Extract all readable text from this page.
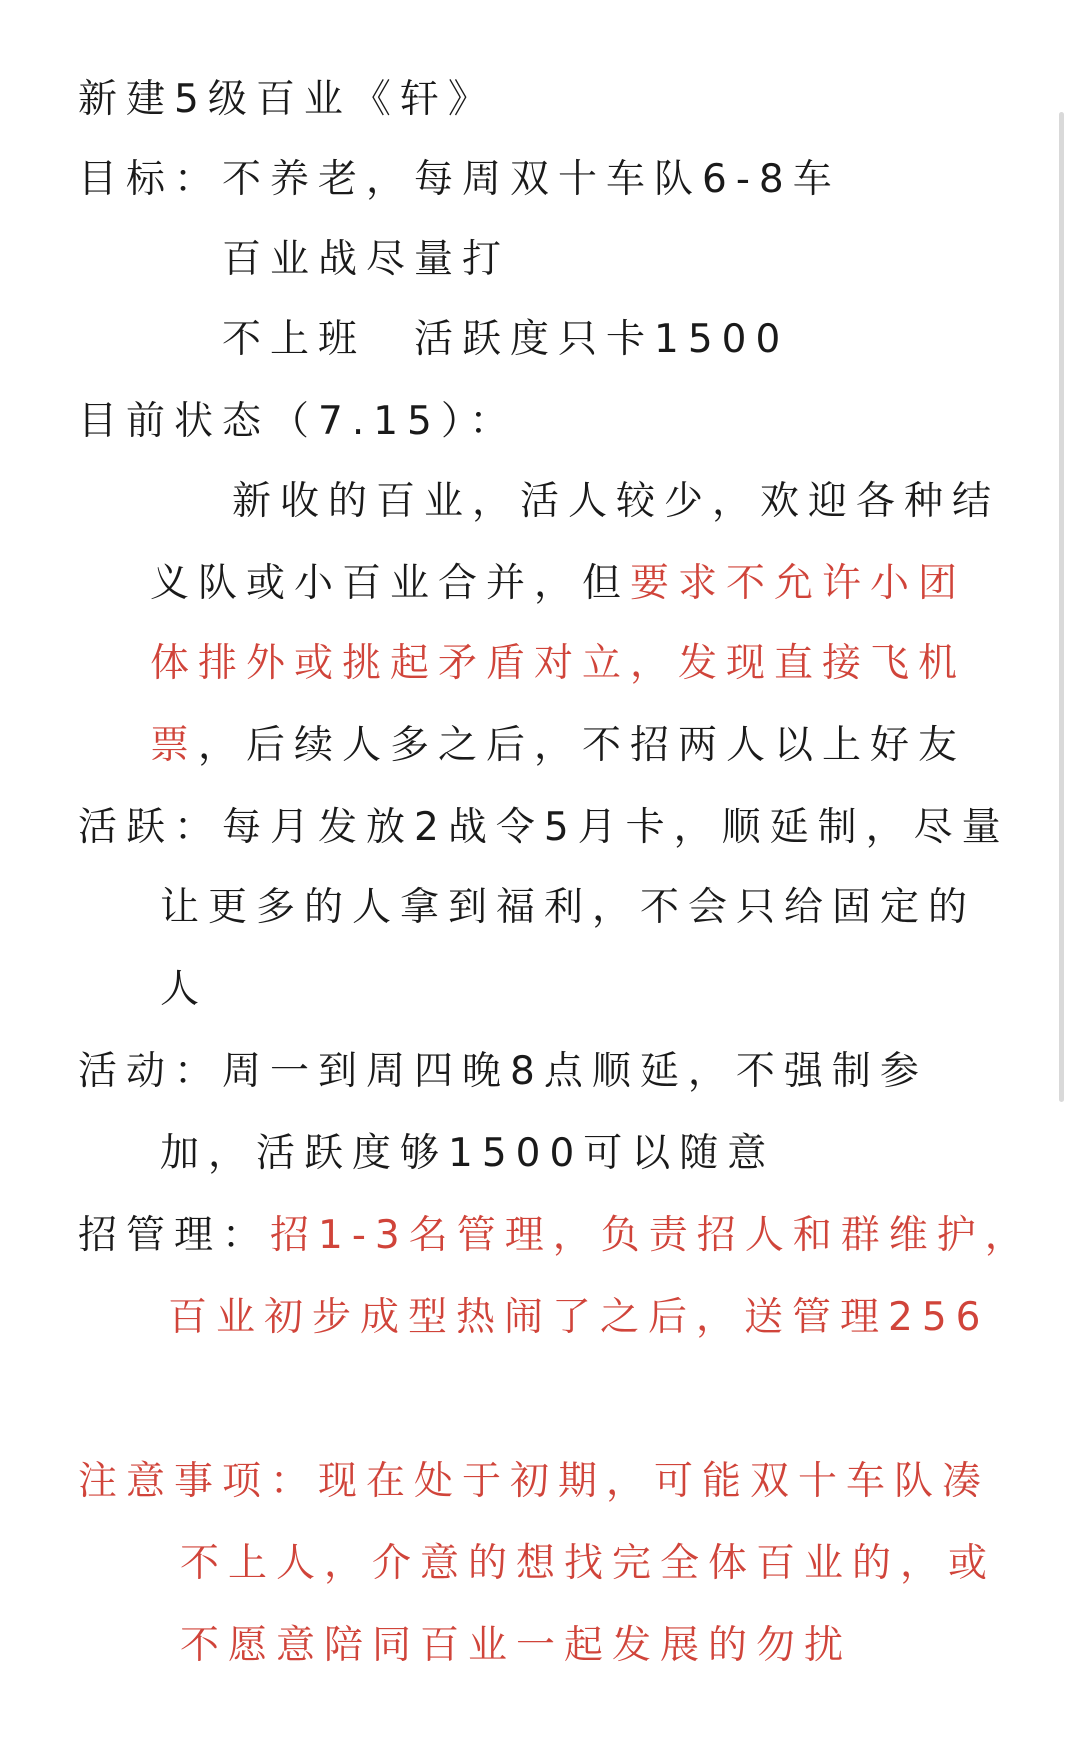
新建5级百业《轩》
目标：不养老，每周双十车队6-8车
百业战尽量打
不上班　活跃度只卡1500
目前状态（7.15）：
新收的百业，活人较少，欢迎各种结
义队或小百业合并，但要求不允许小团
体排外或挑起矛盾对立，发现直接飞机
票，后续人多之后，不招两人以上好友
活跃：每月发放2战令5月卡，顺延制，尽量
让更多的人拿到福利，不会只给固定的
人
活动：周一到周四晚8点顺延，不强制参
加，活跃度够1500可以随意
招管理：招1-3名管理，负责招人和群维护，
百业初步成型热闹了之后，送管理256
注意事项：现在处于初期，可能双十车队凑
不上人，介意的想找完全体百业的，或
不愿意陪同百业一起发展的勿扰
